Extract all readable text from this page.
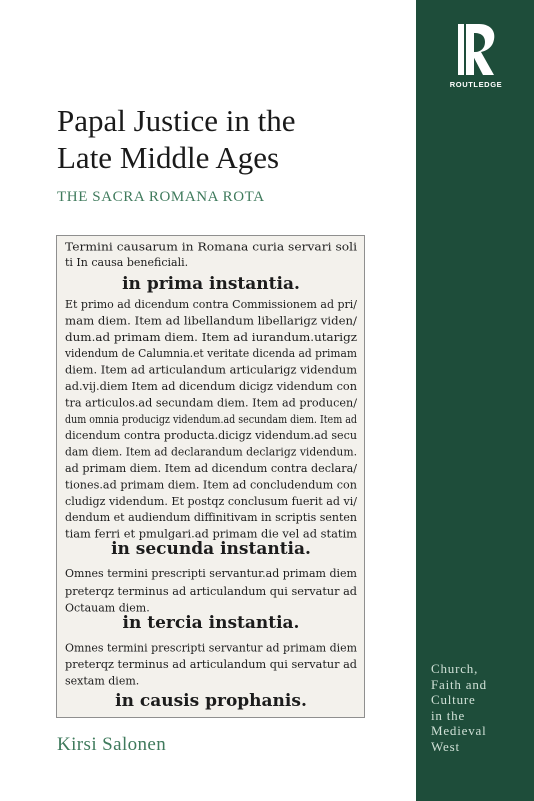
Papal Justice in the
Late Middle Ages
THE SACRA ROMANA ROTA
Termini causarum in Romana curia servari soli
ti In causa beneficiali.
in prima instantia.
Et primo ad dicendum contra Commissionem ad pri/
mam diem. Item ad libellandum libellarigz viden/
dum.ad primam diem. Item ad iurandum.utarigz
videndum de Calumnia.et veritate dicenda ad primam
diem. Item ad articulandum articularigz videndum
ad.vij.diem Item ad dicendum dicigz videndum con
tra articulos.ad secundam diem. Item ad producen/
dum omnia producigz videndum.ad secundam diem. Item ad
dicendum contra producta.dicigz videndum.ad secu
dam diem. Item ad declarandum declarigz videndum.
ad primam diem. Item ad dicendum contra declara/
tiones.ad primam diem. Item ad concludendum con
cludigz videndum. Et postqz conclusum fuerit ad vi/
dendum et audiendum diffinitivam in scriptis senten
tiam ferri et pmulgari.ad primam die vel ad statim
in secunda instantia.
Omnes termini prescripti servantur.ad primam diem
preterqz terminus ad articulandum qui servatur ad
Octauam diem.
in tercia instantia.
Omnes termini prescripti servantur ad primam diem
preterqz terminus ad articulandum qui servatur ad
sextam diem.
in causis prophanis.
Kirsi Salonen
ROUTLEDGE
Church,
Faith and
Culture
in the
Medieval
West
